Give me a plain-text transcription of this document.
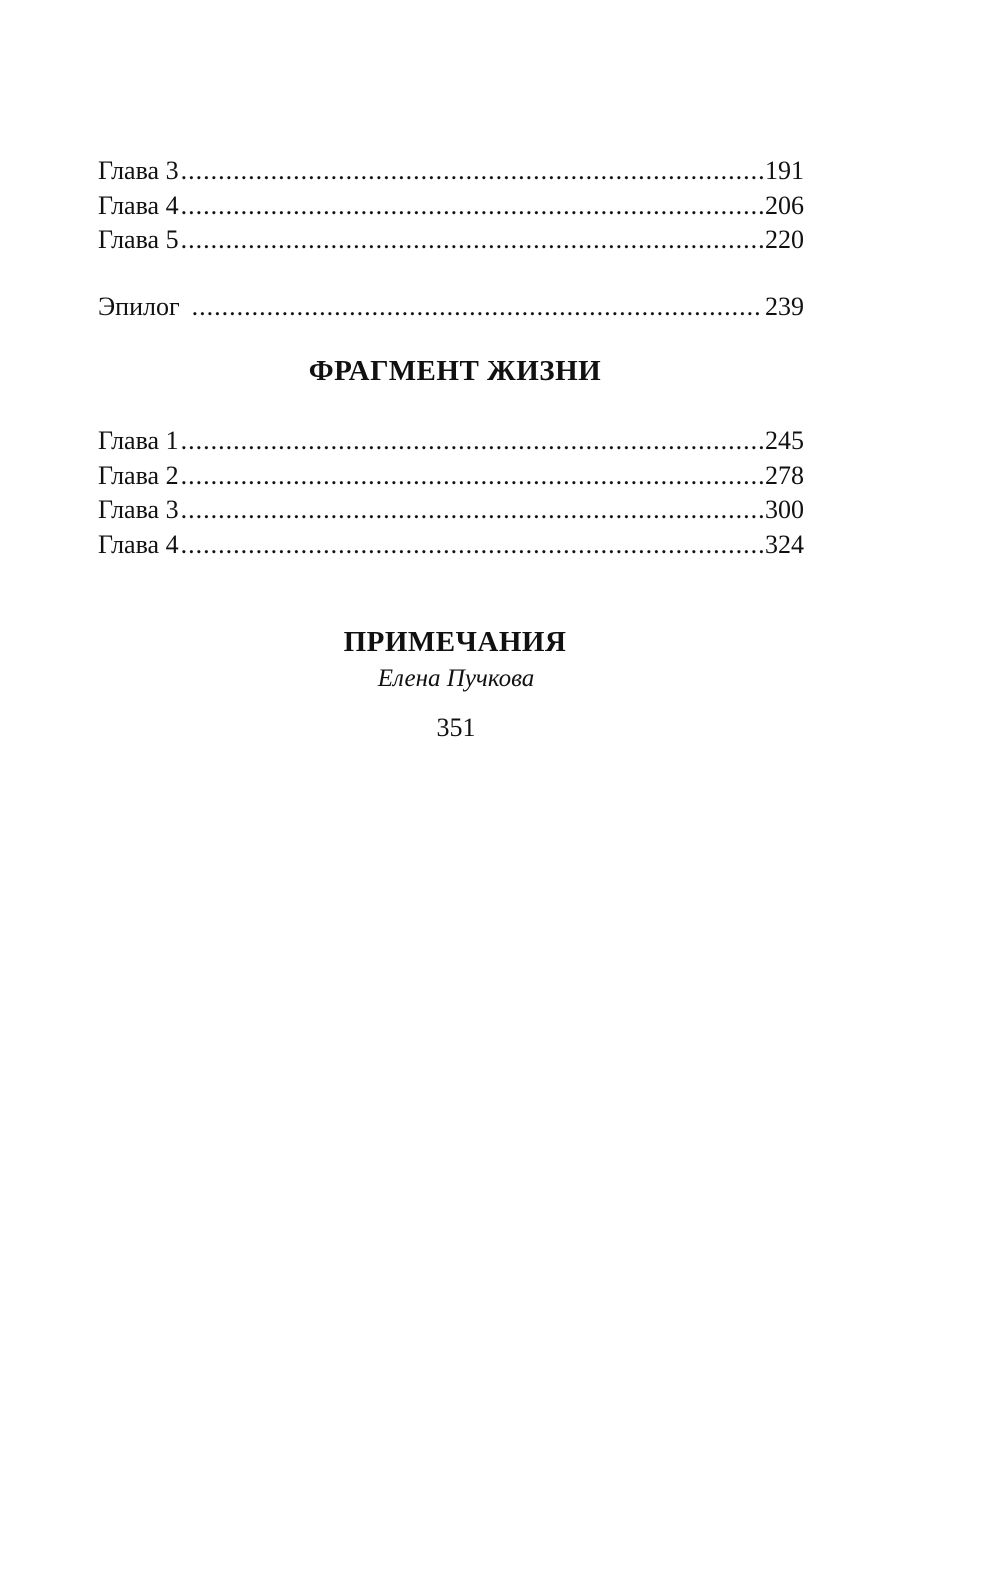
Глава 3 .....	191
Глава 4 .....	206
Глава 5 .....	220
Эпилог .....	239
ФРАГМЕНТ ЖИЗНИ
Глава 1 .....	245
Глава 2 .....	278
Глава 3 .....	300
Глава 4 .....	324
ПРИМЕЧАНИЯ
Елена Пучкова
351
